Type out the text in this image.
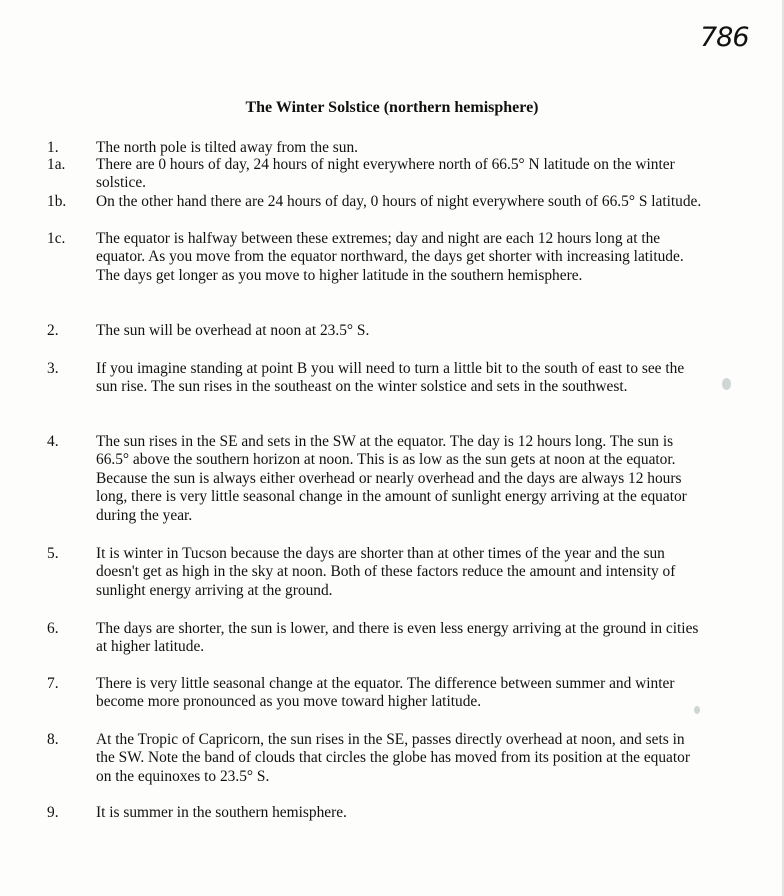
786
The Winter Solstice (northern hemisphere)
1.	The north pole is tilted away from the sun.
1a.	There are 0 hours of day, 24 hours of night everywhere north of 66.5° N latitude on the winter solstice.
1b.	On the other hand there are 24 hours of day, 0 hours of night everywhere south of 66.5° S latitude.
1c.	The equator is halfway between these extremes; day and night are each 12 hours long at the equator. As you move from the equator northward, the days get shorter with increasing latitude. The days get longer as you move to higher latitude in the southern hemisphere.
2.	The sun will be overhead at noon at 23.5° S.
3.	If you imagine standing at point B you will need to turn a little bit to the south of east to see the sun rise. The sun rises in the southeast on the winter solstice and sets in the southwest.
4.	The sun rises in the SE and sets in the SW at the equator. The day is 12 hours long. The sun is 66.5° above the southern horizon at noon. This is as low as the sun gets at noon at the equator. Because the sun is always either overhead or nearly overhead and the days are always 12 hours long, there is very little seasonal change in the amount of sunlight energy arriving at the equator during the year.
5.	It is winter in Tucson because the days are shorter than at other times of the year and the sun doesn't get as high in the sky at noon. Both of these factors reduce the amount and intensity of sunlight energy arriving at the ground.
6.	The days are shorter, the sun is lower, and there is even less energy arriving at the ground in cities at higher latitude.
7.	There is very little seasonal change at the equator. The difference between summer and winter become more pronounced as you move toward higher latitude.
8.	At the Tropic of Capricorn, the sun rises in the SE, passes directly overhead at noon, and sets in the SW. Note the band of clouds that circles the globe has moved from its position at the equator on the equinoxes to 23.5° S.
9.	It is summer in the southern hemisphere.
